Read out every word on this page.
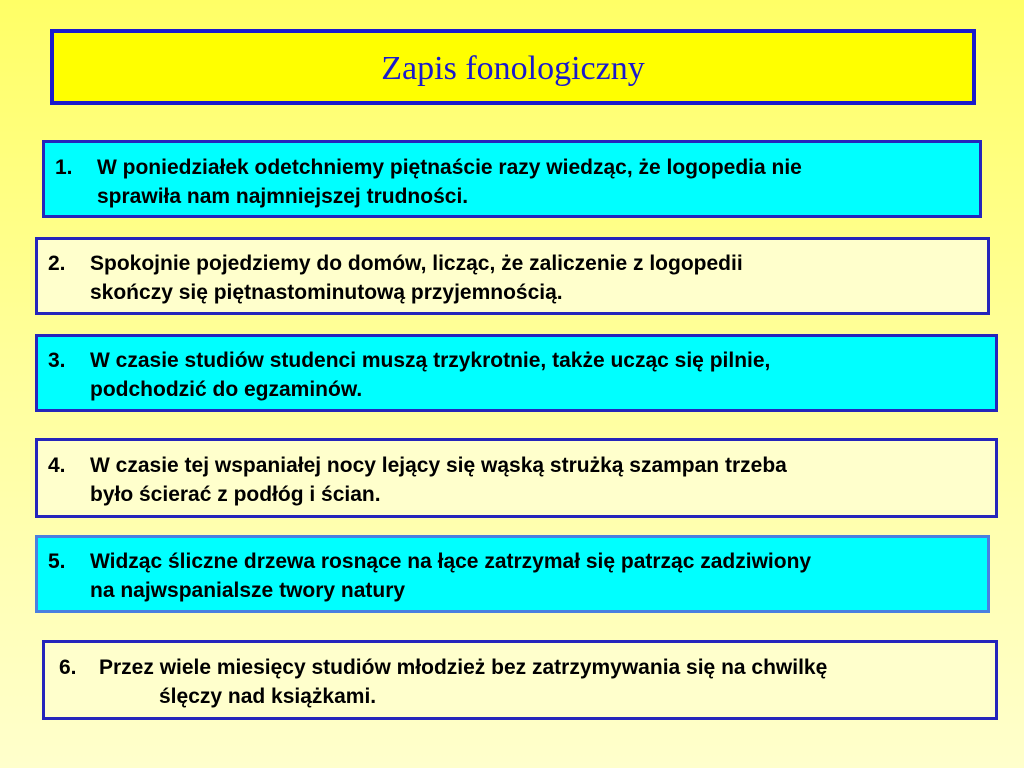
Zapis fonologiczny
1.	W poniedziałek odetchniemy piętnaście razy wiedząc, że logopedia nie
sprawiła nam najmniejszej trudności.
2.	Spokojnie pojedziemy do domów, licząc, że zaliczenie z logopedii
skończy się piętnastominutową przyjemnością.
3.	W czasie studiów studenci muszą trzykrotnie, także ucząc się pilnie,
podchodzić do egzaminów.
4.	W czasie tej wspaniałej nocy lejący się wąską strużką szampan trzeba
było ścierać z podłóg i ścian.
5.	Widząc śliczne drzewa rosnące na łące zatrzymał się patrząc zadziwiony
na najwspanialsze twory natury
6.	Przez wiele miesięcy studiów młodzież bez zatrzymywania się na chwilkę
ślęczy nad książkami.
